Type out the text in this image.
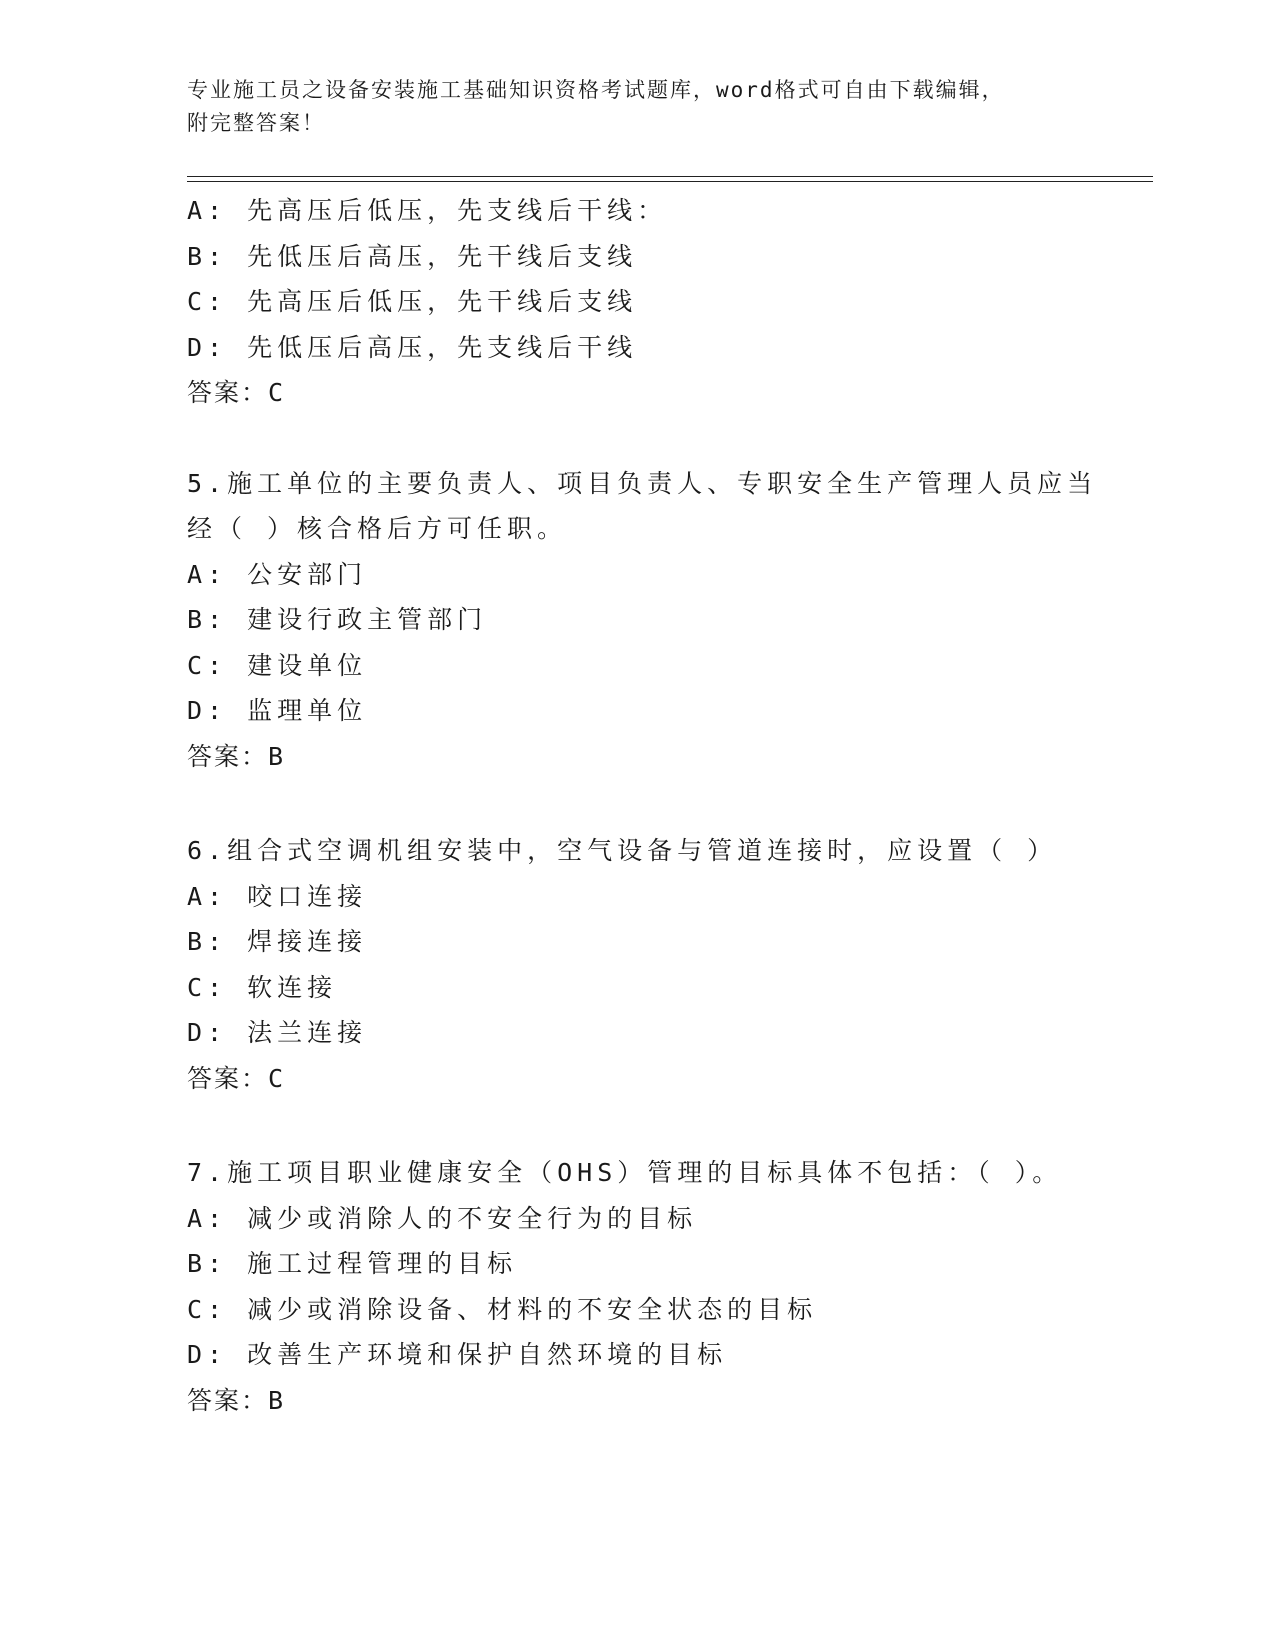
专业施工员之设备安装施工基础知识资格考试题库，word格式可自由下载编辑，
附完整答案！
A: 先高压后低压，先支线后干线：
B: 先低压后高压，先干线后支线
C: 先高压后低压，先干线后支线
D: 先低压后高压，先支线后干线
答案：C
5.施工单位的主要负责人、项目负责人、专职安全生产管理人员应当
经（ ）核合格后方可任职。
A: 公安部门
B: 建设行政主管部门
C: 建设单位
D: 监理单位
答案：B
6.组合式空调机组安装中，空气设备与管道连接时，应设置（ ）
A: 咬口连接
B: 焊接连接
C: 软连接
D: 法兰连接
答案：C
7.施工项目职业健康安全（OHS）管理的目标具体不包括：（ ）。
A: 减少或消除人的不安全行为的目标
B: 施工过程管理的目标
C: 减少或消除设备、材料的不安全状态的目标
D: 改善生产环境和保护自然环境的目标
答案：B
